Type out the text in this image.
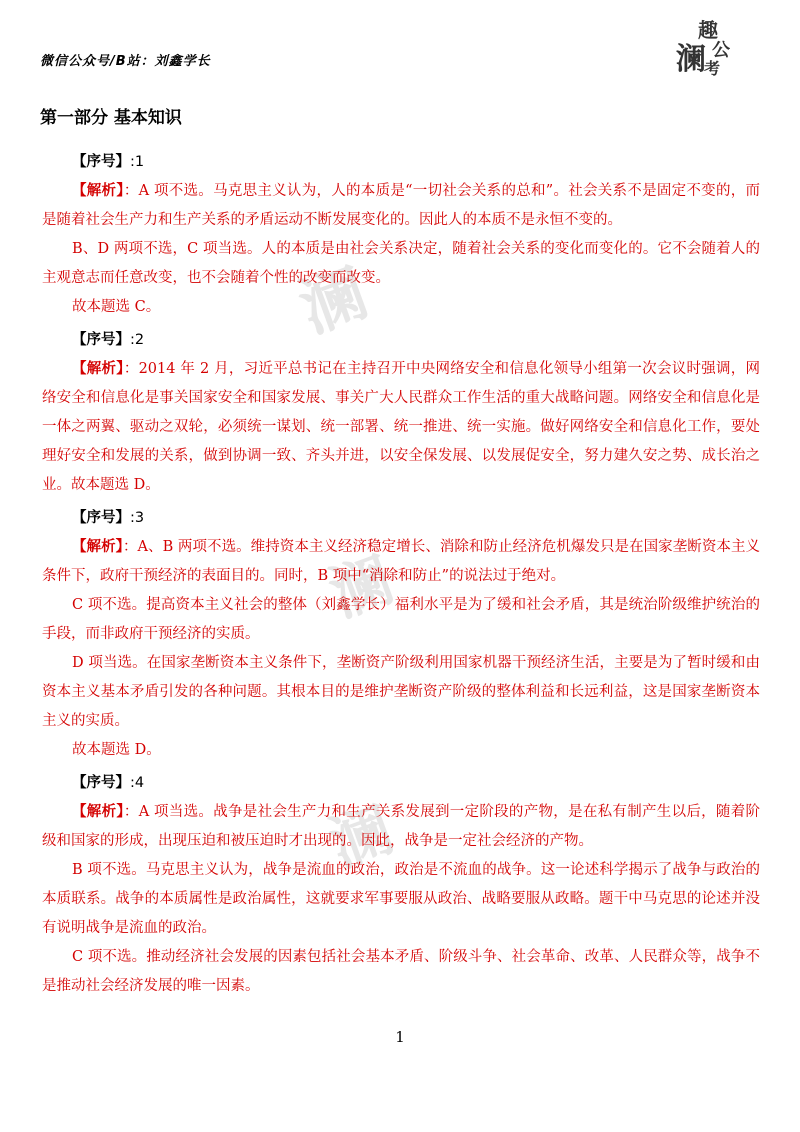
微信公众号/B站：刘鑫学长
趣
澜 公
考
澜
澜
澜
第一部分 基本知识
【序号】:1

【解析】：A 项不选。马克思主义认为，人的本质是“一切社会关系的总和”。社会关系不是固定不变的，而是随着社会生产力和生产关系的矛盾运动不断发展变化的。因此人的本质不是永恒不变的。

B、D 两项不选，C 项当选。人的本质是由社会关系决定，随着社会关系的变化而变化的。它不会随着人的主观意志而任意改变，也不会随着个性的改变而改变。

故本题选 C。

【序号】:2

【解析】：2014 年 2 月，习近平总书记在主持召开中央网络安全和信息化领导小组第一次会议时强调，网络安全和信息化是事关国家安全和国家发展、事关广大人民群众工作生活的重大战略问题。网络安全和信息化是一体之两翼、驱动之双轮，必须统一谋划、统一部署、统一推进、统一实施。做好网络安全和信息化工作，要处理好安全和发展的关系，做到协调一致、齐头并进，以安全保发展、以发展促安全，努力建久安之势、成长治之业。故本题选 D。

【序号】:3

【解析】：A、B 两项不选。维持资本主义经济稳定增长、消除和防止经济危机爆发只是在国家垄断资本主义条件下，政府干预经济的表面目的。同时，B 项中“消除和防止”的说法过于绝对。

C 项不选。提高资本主义社会的整体（刘鑫学长）福利水平是为了缓和社会矛盾，其是统治阶级维护统治的手段，而非政府干预经济的实质。

D 项当选。在国家垄断资本主义条件下，垄断资产阶级利用国家机器干预经济生活，主要是为了暂时缓和由资本主义基本矛盾引发的各种问题。其根本目的是维护垄断资产阶级的整体利益和长远利益，这是国家垄断资本主义的实质。

故本题选 D。

【序号】:4

【解析】：A 项当选。战争是社会生产力和生产关系发展到一定阶段的产物，是在私有制产生以后，随着阶级和国家的形成，出现压迫和被压迫时才出现的。因此，战争是一定社会经济的产物。

B 项不选。马克思主义认为，战争是流血的政治，政治是不流血的战争。这一论述科学揭示了战争与政治的本质联系。战争的本质属性是政治属性，这就要求军事要服从政治、战略要服从政略。题干中马克思的论述并没有说明战争是流血的政治。

C 项不选。推动经济社会发展的因素包括社会基本矛盾、阶级斗争、社会革命、改革、人民群众等，战争不是推动社会经济发展的唯一因素。

1
